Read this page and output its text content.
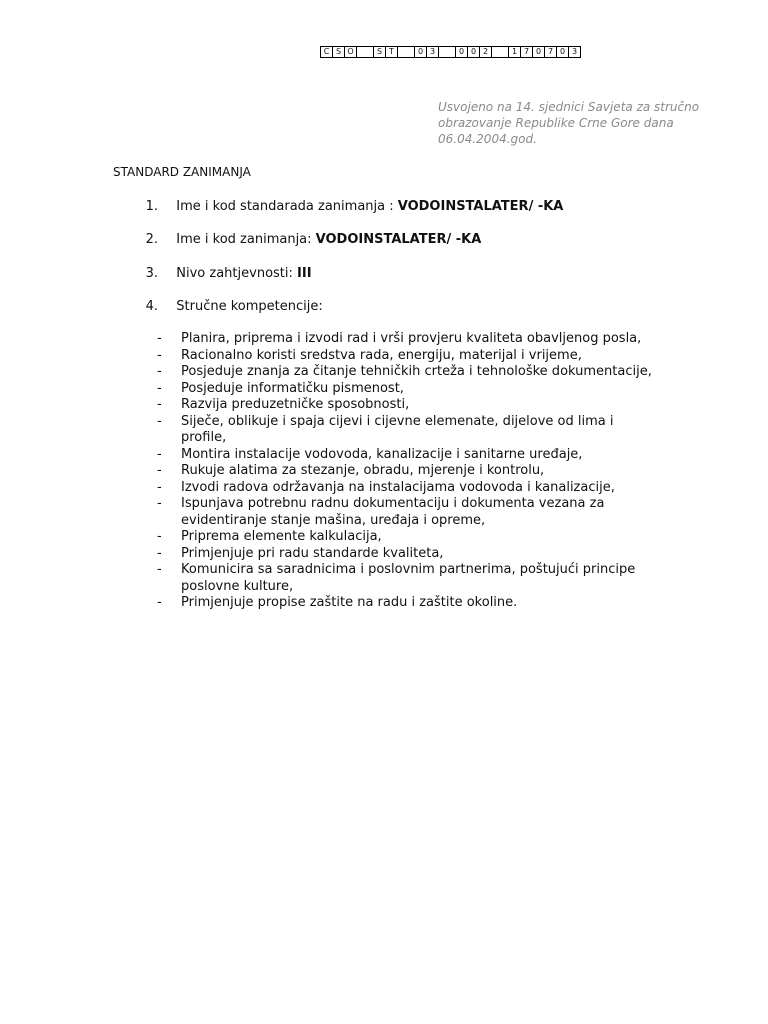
C S O	S T	0 3	0 0 2	1 7 0 7 0 3

Usvojeno na 14. sjednici Savjeta za stručno obrazovanje Republike Crne Gore dana 06.04.2004.god.

STANDARD ZANIMANJA
1. Ime i kod standarada zanimanja : VODOINSTALATER/ -KA
2. Ime i kod zanimanja: VODOINSTALATER/ -KA
3. Nivo zahtjevnosti: III
4. Stručne kompetencije:
- Planira, priprema i izvodi rad i vrši provjeru kvaliteta obavljenog posla,
- Racionalno koristi sredstva rada, energiju, materijal i vrijeme,
- Posjeduje znanja za čitanje tehničkih crteža i tehnološke dokumentacije,
- Posjeduje informatičku pismenost,
- Razvija preduzetničke sposobnosti,
- Siječe, oblikuje i spaja cijevi i cijevne elemenate, dijelove od lima i profile,
- Montira instalacije vodovoda, kanalizacije i sanitarne uređaje,
- Rukuje alatima za stezanje, obradu, mjerenje i kontrolu,
- Izvodi radova održavanja na instalacijama vodovoda i kanalizacije,
- Ispunjava potrebnu radnu dokumentaciju i dokumenta vezana za evidentiranje stanje mašina, uređaja i opreme,
- Priprema elemente kalkulacija,
- Primjenjuje pri radu standarde kvaliteta,
- Komunicira sa saradnicima i poslovnim partnerima, poštujući principe poslovne kulture,
- Primjenjuje propise zaštite na radu i zaštite okoline.
